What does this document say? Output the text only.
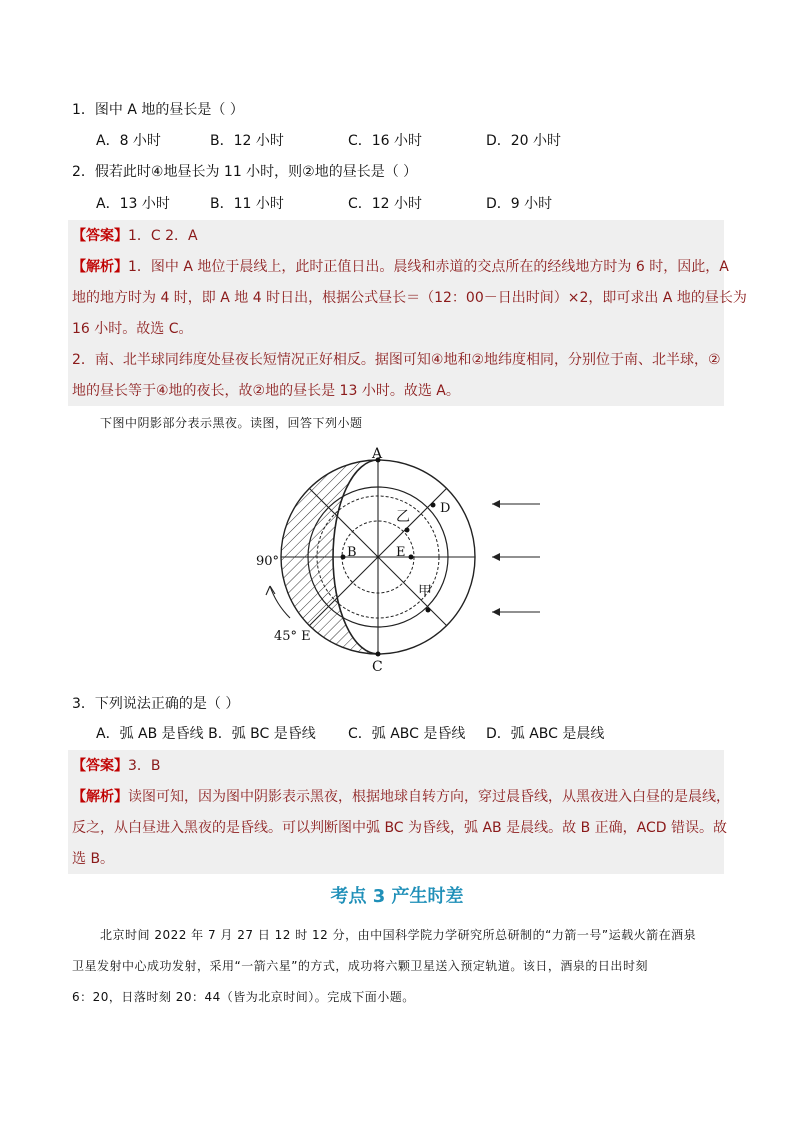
1．图中 A 地的昼长是（ ）
A．8 小时	B．12 小时	C．16 小时	D．20 小时
2．假若此时④地昼长为 11 小时，则②地的昼长是（ ）
A．13 小时	B．11 小时	C．12 小时	D．9 小时
【答案】1．C 2．A
【解析】1．图中 A 地位于晨线上，此时正值日出。晨线和赤道的交点所在的经线地方时为 6 时，因此，A
地的地方时为 4 时，即 A 地 4 时日出，根据公式昼长＝（12：00－日出时间）×2，即可求出 A 地的昼长为
16 小时。故选 C。
2．南、北半球同纬度处昼夜长短情况正好相反。据图可知④地和②地纬度相同，分别位于南、北半球，②
地的昼长等于④地的夜长，故②地的昼长是 13 小时。故选 A。
下图中阴影部分表示黑夜。读图，回答下列小题
A
C
B	E
D
乙
甲
90°
45° E
3．下列说法正确的是（ ）
A．弧 AB 是昏线 B．弧 BC 是昏线 C．弧 ABC 是昏线 D．弧 ABC 是晨线
【答案】3．B
【解析】读图可知，因为图中阴影表示黑夜，根据地球自转方向，穿过晨昏线，从黑夜进入白昼的是晨线，
反之，从白昼进入黑夜的是昏线。可以判断图中弧 BC 为昏线，弧 AB 是晨线。故 B 正确，ACD 错误。故
选 B。
考点 3 产生时差
北京时间 2022 年 7 月 27 日 12 时 12 分，由中国科学院力学研究所总研制的“力箭一号”运载火箭在酒泉
卫星发射中心成功发射，采用“一箭六星”的方式，成功将六颗卫星送入预定轨道。该日，酒泉的日出时刻
6：20，日落时刻 20：44（皆为北京时间）。完成下面小题。
